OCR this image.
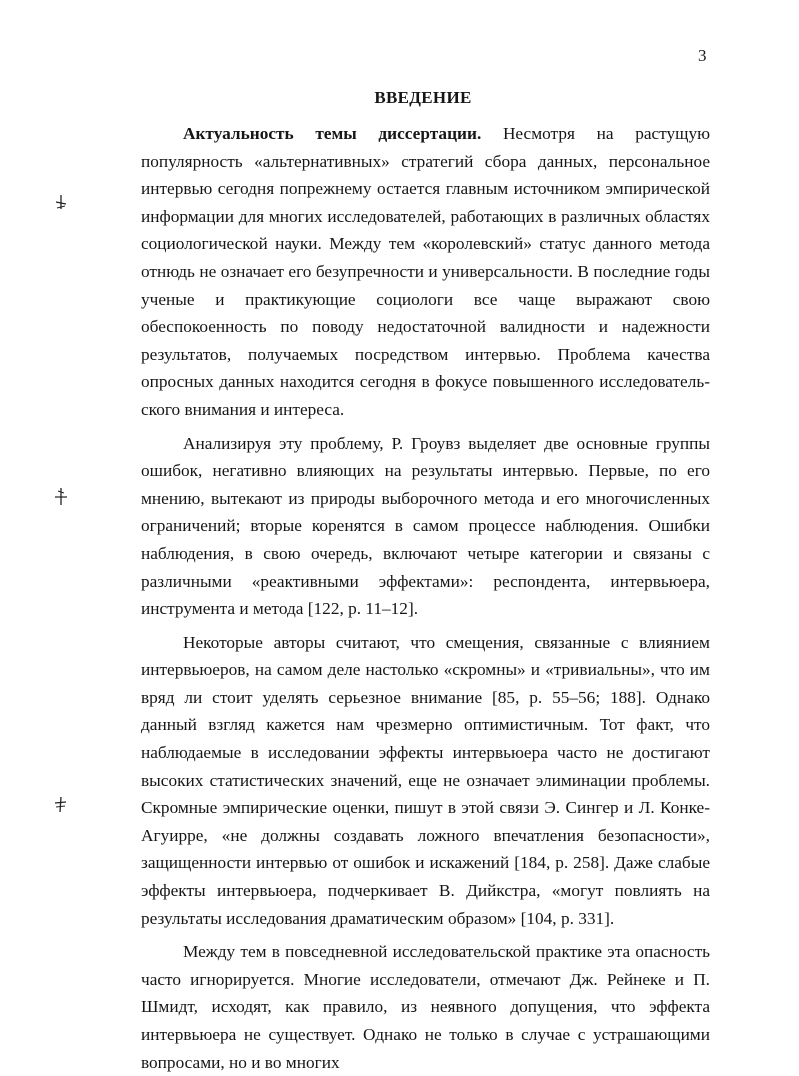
3
ВВЕДЕНИЕ

Актуальность темы диссертации. Несмотря на растущую популярность «альтернативных» стратегий сбора данных, персональное интервью сегодня попрежнему остается главным источником эмпирической информации для многих исследователей, работающих в различных областях социологической науки. Между тем «королевский» статус данного метода отнюдь не означает его безупречности и универсальности. В последние годы ученые и практикующие социологи все чаще выражают свою обеспокоенность по поводу недостаточной валидности и надежности результатов, получаемых посредством интервью. Проблема качества опросных данных находится сегодня в фокусе повышенного исследовательского внимания и интереса.

Анализируя эту проблему, Р. Гроувз выделяет две основные группы ошибок, негативно влияющих на результаты интервью. Первые, по его мнению, вытекают из природы выборочного метода и его многочисленных ограничений; вторые коренятся в самом процессе наблюдения. Ошибки наблюдения, в свою очередь, включают четыре категории и связаны с различными «реактивными эффектами»: респондента, интервьюера, инструмента и метода [122, р. 11–12].

Некоторые авторы считают, что смещения, связанные с влиянием интервьюеров, на самом деле настолько «скромны» и «тривиальны», что им вряд ли стоит уделять серьезное внимание [85, р. 55–56; 188]. Однако данный взгляд кажется нам чрезмерно оптимистичным. Тот факт, что наблюдаемые в исследовании эффекты интервьюера часто не достигают высоких статистических значений, еще не означает элиминации проблемы. Скромные эмпирические оценки, пишут в этой связи Э. Сингер и Л. Конке-Агуирре, «не должны создавать ложного впечатления безопасности», защищенности интервью от ошибок и искажений [184, р. 258]. Даже слабые эффекты интервьюера, подчеркивает В. Дийкстра, «могут повлиять на результаты исследования драматическим образом» [104, р. 331].

Между тем в повседневной исследовательской практике эта опасность часто игнорируется. Многие исследователи, отмечают Дж. Рейнеке и П. Шмидт, исходят, как правило, из неявного допущения, что эффекта интервьюера не существует. Однако не только в случае с устрашающими вопросами, но и во многих
